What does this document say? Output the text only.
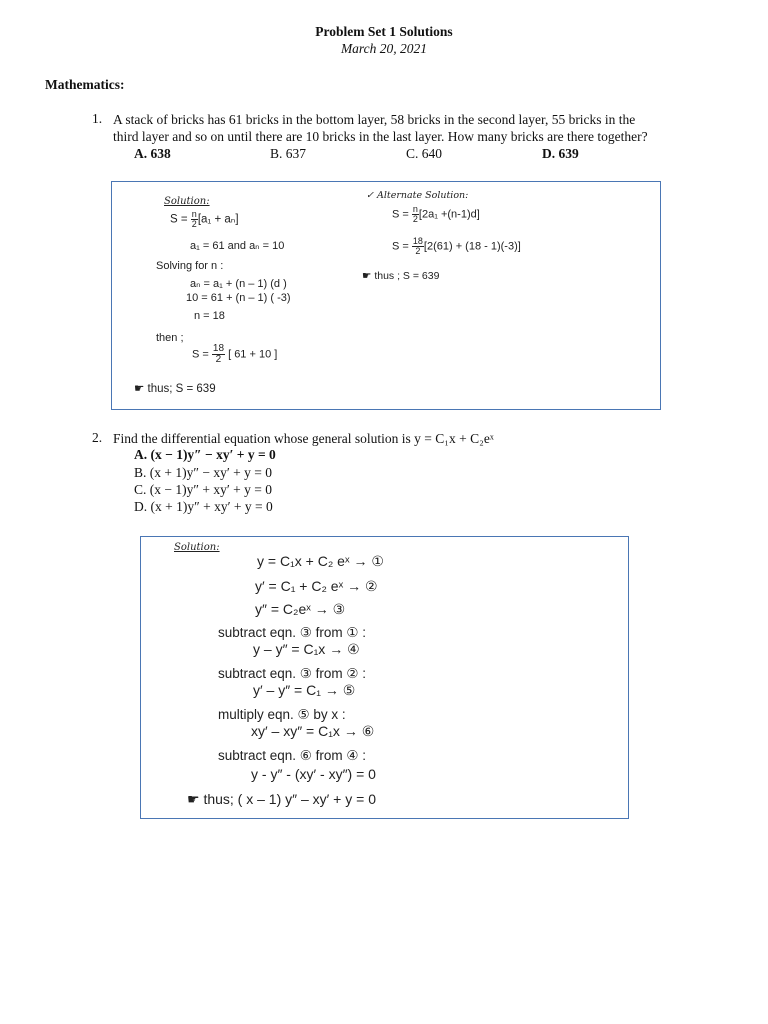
Problem Set 1 Solutions
March 20, 2021
Mathematics:
1. A stack of bricks has 61 bricks in the bottom layer, 58 bricks in the second layer, 55 bricks in the
third layer and so on until there are 10 bricks in the last layer. How many bricks are there together?
A. 638	B. 637	C. 640	D. 639
Solution:
$S = \frac{n}{2} [a_1 + a_n]$
a₁ = 61 and aₙ = 10
Solving for n :
aₙ = a₁ + (n – 1) (d )
10 = 61 + (n – 1) ( -3)
n = 18
then ;
$S = \frac{18}{2}$ [ 61 + 10 ]
☛ thus; S = 639
✓ Alternate Solution:
$S = \frac{n}{2} [2a_1 +(n-1)d]$
$S = \frac{18}{2} [2(61) + (18 - 1)(-3)]$
☛ thus ; S = 639
2. Find the differential equation whose general solution is y = C₁x + C₂eˣ
A. (x − 1)y″ − xy′ + y = 0
B. (x + 1)y″ − xy′ + y = 0
C. (x − 1)y″ + xy′ + y = 0
D. (x + 1)y″ + xy′ + y = 0
Solution:
y = C₁x + C₂ eˣ → ①
y′ = C₁ + C₂ eˣ → ②
y″ = C₂eˣ → ③
subtract eqn. ③ from ① :
y – y″ = C₁x → ④
subtract eqn. ③ from ② :
y′ – y″ = C₁ → ⑤
multiply eqn. ⑤ by x :
xy′ – xy″ = C₁x → ⑥
subtract eqn. ⑥ from ④ :
y - y″ - (xy′ - xy″) = 0
☛ thus; ( x – 1) y″ – xy′ + y = 0
